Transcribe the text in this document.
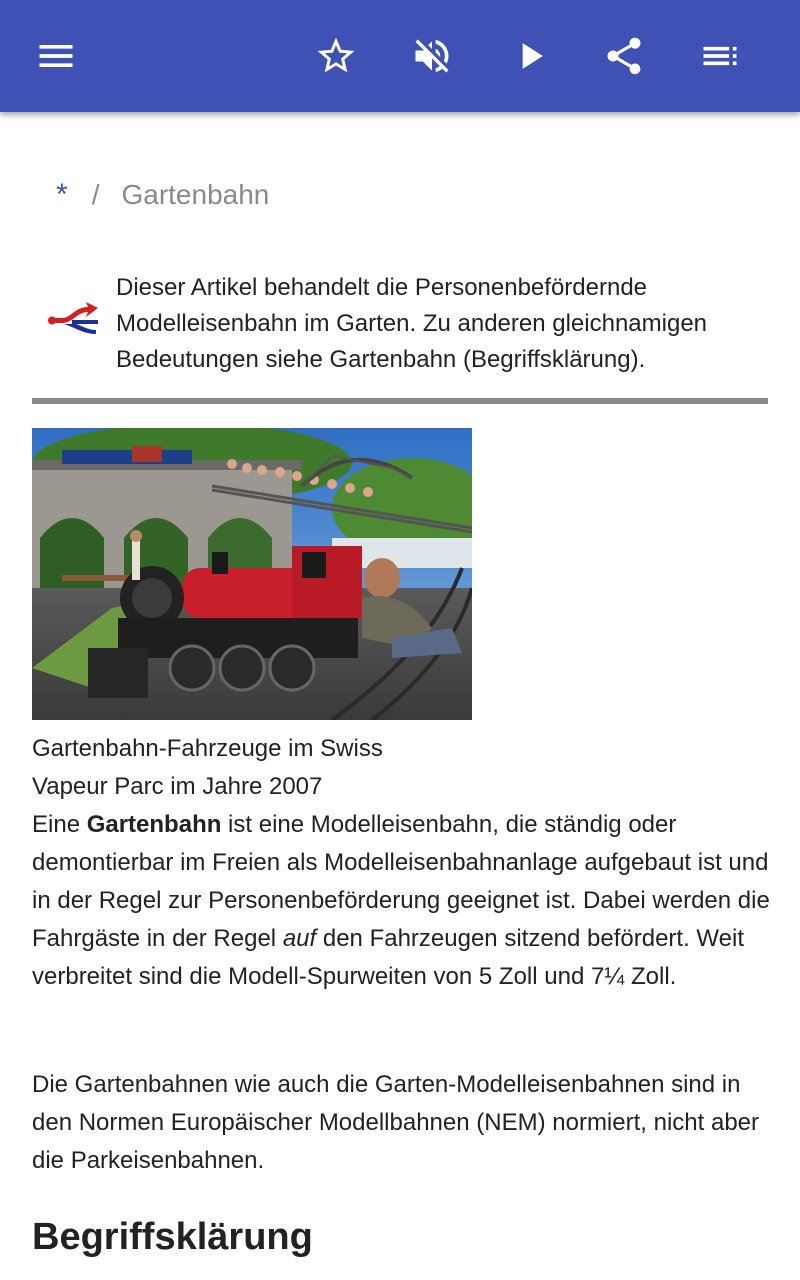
* / Gartenbahn
Dieser Artikel behandelt die Personenbefördernde Modelleisenbahn im Garten. Zu anderen gleichnamigen Bedeutungen siehe Gartenbahn (Begriffsklärung).
Gartenbahn-Fahrzeuge im Swiss Vapeur Parc im Jahre 2007
Eine Gartenbahn ist eine Modelleisenbahn, die ständig oder demontierbar im Freien als Modelleisenbahnanlage aufgebaut ist und in der Regel zur Personenbeförderung geeignet ist. Dabei werden die Fahrgäste in der Regel auf den Fahrzeugen sitzend befördert. Weit verbreitet sind die Modell-Spurweiten von 5 Zoll und 7¼ Zoll.
Die Gartenbahnen wie auch die Garten-Modelleisenbahnen sind in den Normen Europäischer Modellbahnen (NEM) normiert, nicht aber die Parkeisenbahnen.
Begriffsklärung
